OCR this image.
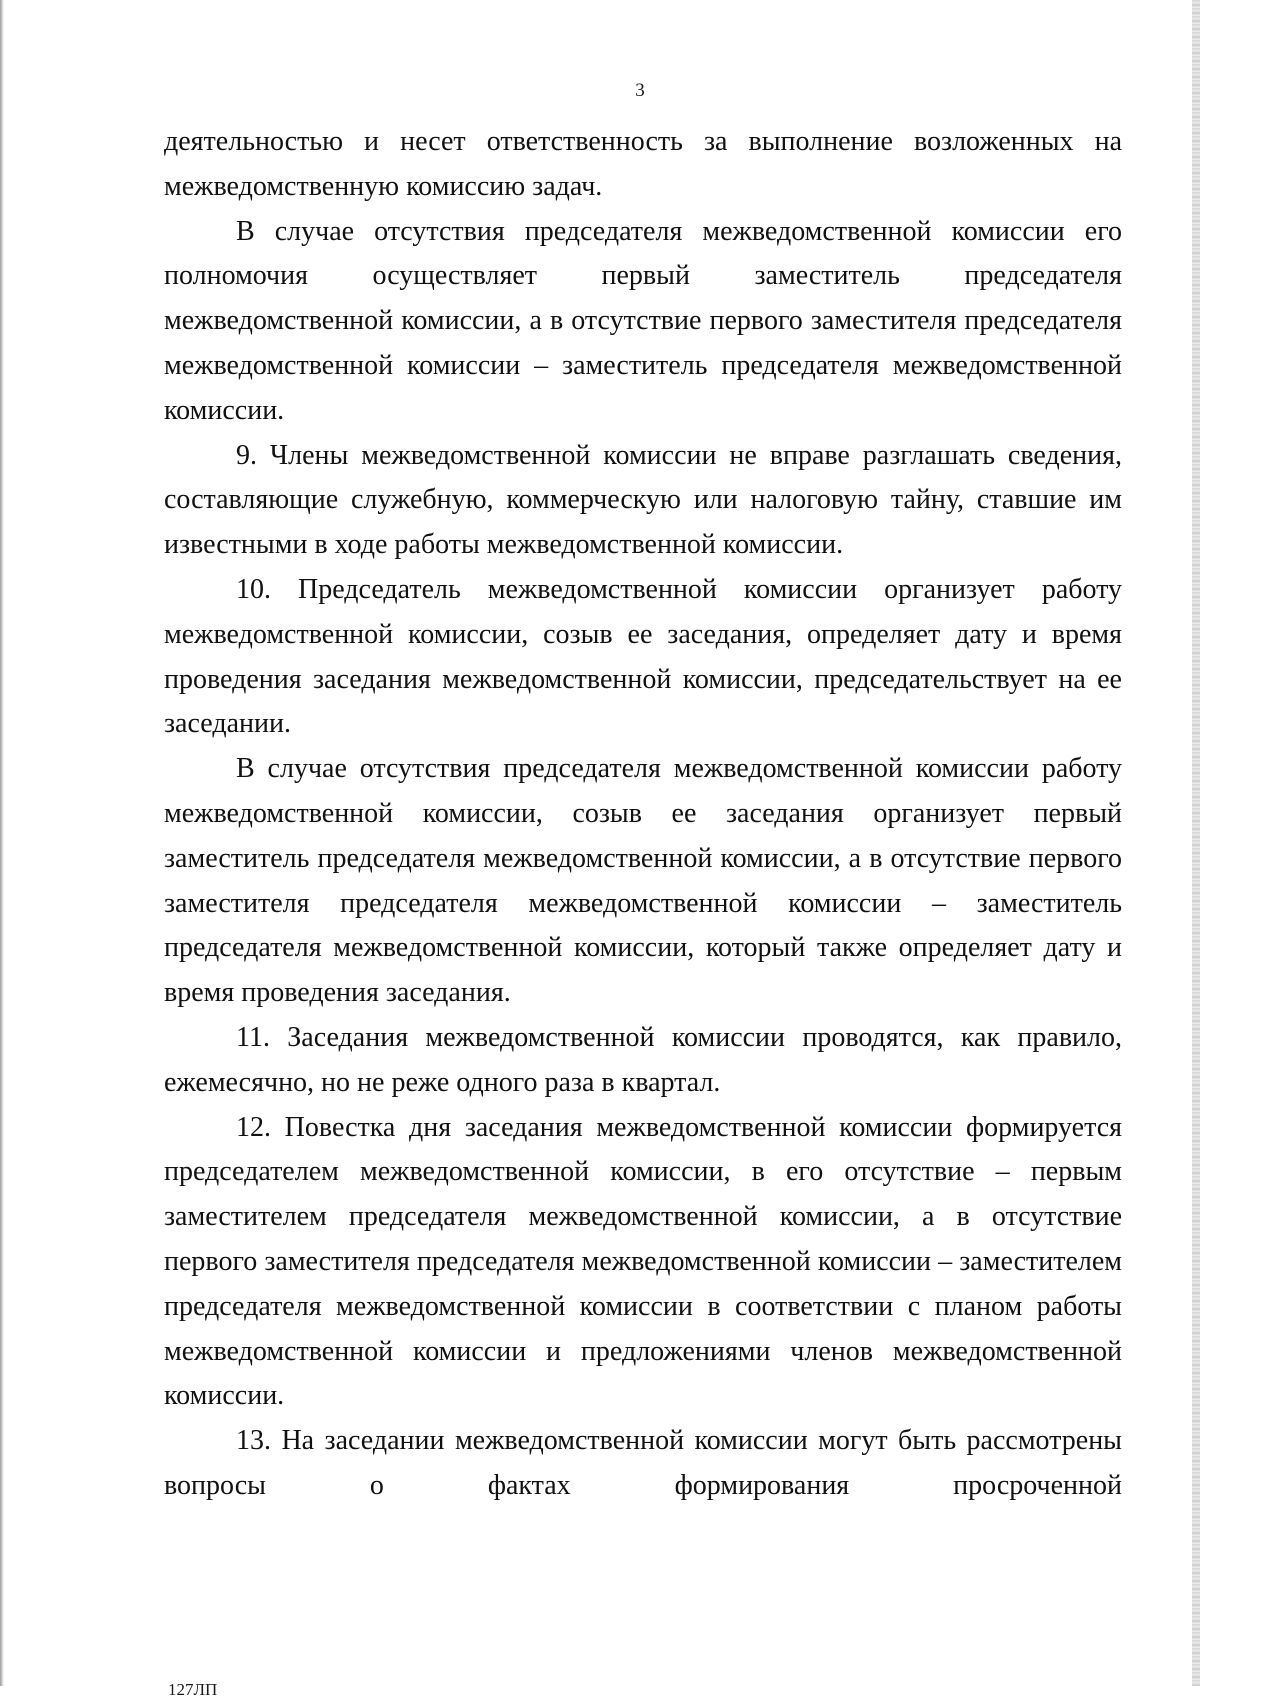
3

деятельностью и несет ответственность за выполнение возложенных на межведомственную комиссию задач.

В случае отсутствия председателя межведомственной комиссии его полномочия осуществляет первый заместитель председателя межведомственной комиссии, а в отсутствие первого заместителя председателя межведомственной комиссии – заместитель председателя межведомственной комиссии.

9. Члены межведомственной комиссии не вправе разглашать сведения, составляющие служебную, коммерческую или налоговую тайну, ставшие им известными в ходе работы межведомственной комиссии.

10. Председатель межведомственной комиссии организует работу межведомственной комиссии, созыв ее заседания, определяет дату и время проведения заседания межведомственной комиссии, председательствует на ее заседании.

В случае отсутствия председателя межведомственной комиссии работу межведомственной комиссии, созыв ее заседания организует первый заместитель председателя межведомственной комиссии, а в отсутствие первого заместителя председателя межведомственной комиссии – заместитель председателя межведомственной комиссии, который также определяет дату и время проведения заседания.

11. Заседания межведомственной комиссии проводятся, как правило, ежемесячно, но не реже одного раза в квартал.

12. Повестка дня заседания межведомственной комиссии формируется председателем межведомственной комиссии, в его отсутствие – первым заместителем председателя межведомственной комиссии, а в отсутствие первого заместителя председателя межведомственной комиссии – заместителем председателя межведомственной комиссии в соответствии с планом работы межведомственной комиссии и предложениями членов межведомственной комиссии.

13. На заседании межведомственной комиссии могут быть рассмотрены вопросы о фактах формирования просроченной

127ЛП
